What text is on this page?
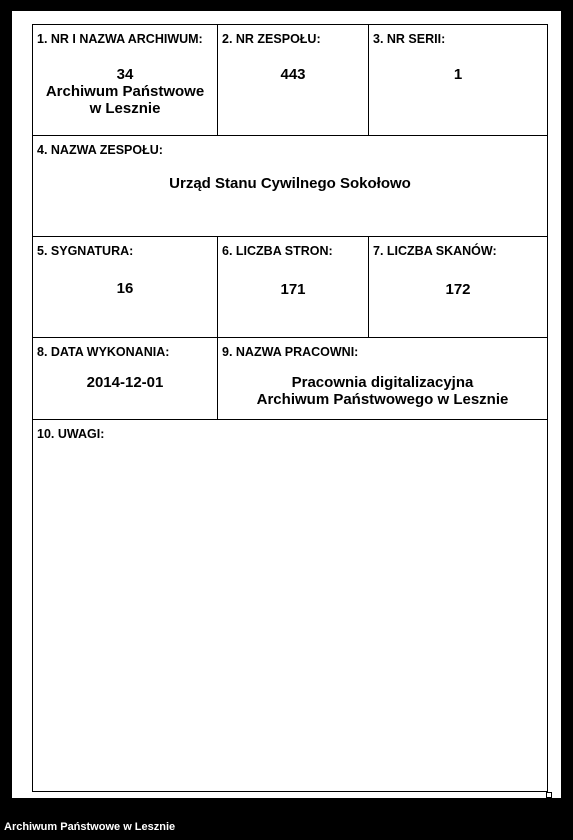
1. NR I NAZWA ARCHIWUM:
34
Archiwum Państwowe
w Lesznie
2. NR ZESPOŁU:
443
3. NR SERII:
1
4. NAZWA ZESPOŁU:
Urząd Stanu Cywilnego Sokołowo
5. SYGNATURA:
16
6. LICZBA STRON:
171
7. LICZBA SKANÓW:
172
8. DATA WYKONANIA:
2014-12-01
9. NAZWA PRACOWNI:
Pracownia digitalizacyjna
Archiwum Państwowego w Lesznie
10. UWAGI:
Archiwum Państwowe w Lesznie
